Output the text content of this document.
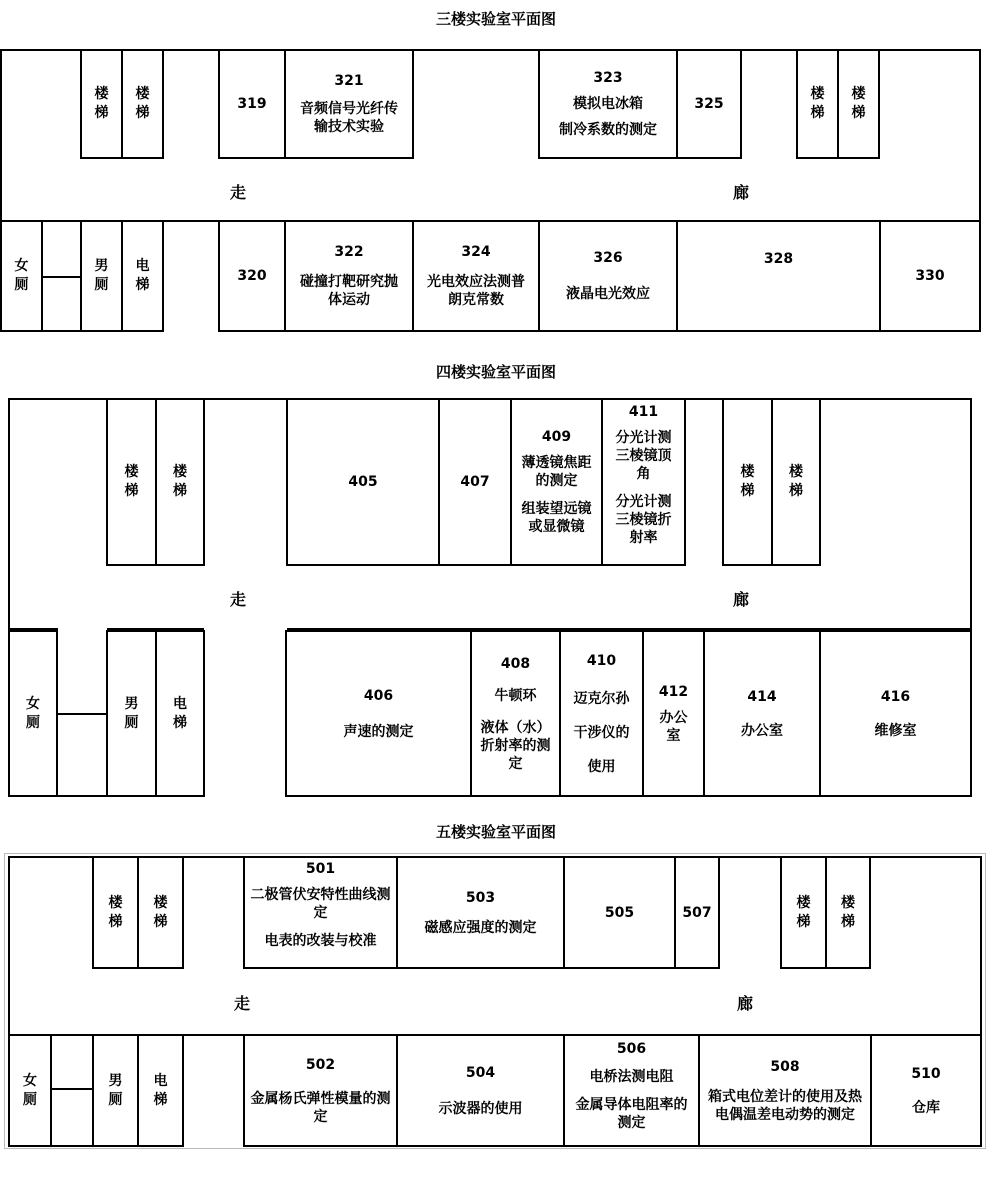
三楼实验室平面图
楼梯
楼梯
319
321
音频信号光纤传输技术实验
323
模拟电冰箱
制冷系数的测定
325
楼梯
楼梯
走	廊
女厕
男厕
电梯
320
322
碰撞打靶研究抛体运动
324
光电效应法测普朗克常数
326
液晶电光效应
328
330
四楼实验室平面图
楼梯
楼梯
405	407
409
薄透镜焦距的测定
组装望远镜或显微镜
411
分光计测三棱镜顶角
分光计测三棱镜折射率
楼梯
楼梯
走	廊
女厕
男厕
电梯
406
声速的测定
408
牛顿环
液体（水）折射率的测定
410
迈克尔孙
干涉仪的
使用
412
办公室
414
办公室
416
维修室
五楼实验室平面图
楼梯
楼梯
501
二极管伏安特性曲线测定
电表的改装与校准
503
磁感应强度的测定
505	507
楼梯
楼梯
走	廊
女厕
男厕
电梯
502
金属杨氏弹性模量的测定
504
示波器的使用
506
电桥法测电阻
金属导体电阻率的测定
508
箱式电位差计的使用及热电偶温差电动势的测定
510
仓库
